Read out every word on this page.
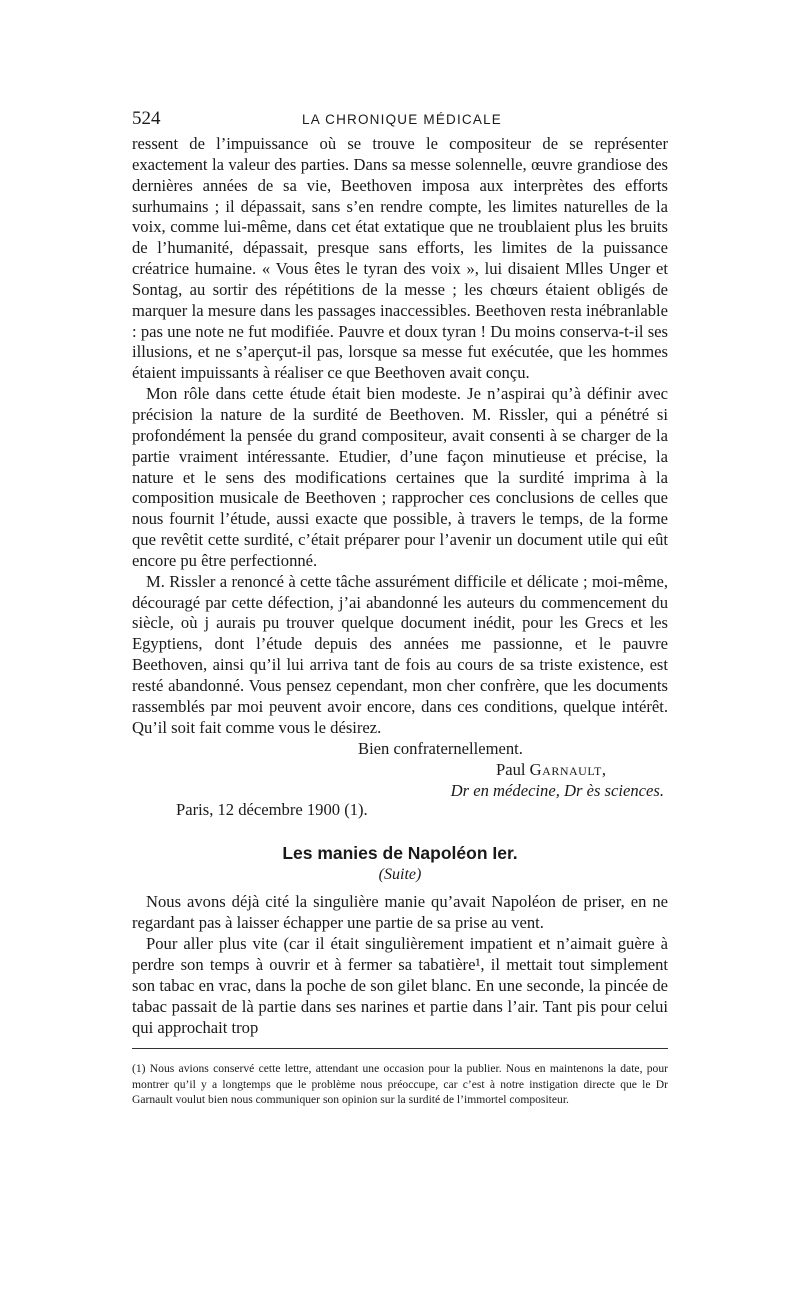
524	LA CHRONIQUE MÉDICALE

ressent de l’impuissance où se trouve le compositeur de se représenter exactement la valeur des parties. Dans sa messe solennelle, œuvre grandiose des dernières années de sa vie, Beethoven imposa aux interprètes des efforts surhumains ; il dépassait, sans s’en rendre compte, les limites naturelles de la voix, comme lui-même, dans cet état extatique que ne troublaient plus les bruits de l’humanité, dépassait, presque sans efforts, les limites de la puissance créatrice humaine. « Vous êtes le tyran des voix », lui disaient Mlles Unger et Sontag, au sortir des répétitions de la messe ; les chœurs étaient obligés de marquer la mesure dans les passages inaccessibles. Beethoven resta inébranlable : pas une note ne fut modifiée. Pauvre et doux tyran ! Du moins conserva-t-il ses illusions, et ne s’aperçut-il pas, lorsque sa messe fut exécutée, que les hommes étaient impuissants à réaliser ce que Beethoven avait conçu.

Mon rôle dans cette étude était bien modeste. Je n’aspirai qu’à définir avec précision la nature de la surdité de Beethoven. M. Rissler, qui a pénétré si profondément la pensée du grand compositeur, avait consenti à se charger de la partie vraiment intéressante. Etudier, d’une façon minutieuse et précise, la nature et le sens des modifications certaines que la surdité imprima à la composition musicale de Beethoven ; rapprocher ces conclusions de celles que nous fournit l’étude, aussi exacte que possible, à travers le temps, de la forme que revêtit cette surdité, c’était préparer pour l’avenir un document utile qui eût encore pu être perfectionné.

M. Rissler a renoncé à cette tâche assurément difficile et délicate ; moi-même, découragé par cette défection, j’ai abandonné les auteurs du commencement du siècle, où j aurais pu trouver quelque document inédit, pour les Grecs et les Egyptiens, dont l’étude depuis des années me passionne, et le pauvre Beethoven, ainsi qu’il lui arriva tant de fois au cours de sa triste existence, est resté abandonné. Vous pensez cependant, mon cher confrère, que les documents rassemblés par moi peuvent avoir encore, dans ces conditions, quelque intérêt. Qu’il soit fait comme vous le désirez.

Bien confraternellement.
Paul Garnault,
Dr en médecine, Dr ès sciences.
Paris, 12 décembre 1900 (1).
Les manies de Napoléon Ier.
(Suite)

Nous avons déjà cité la singulière manie qu’avait Napoléon de priser, en ne regardant pas à laisser échapper une partie de sa prise au vent.

Pour aller plus vite (car il était singulièrement impatient et n’aimait guère à perdre son temps à ouvrir et à fermer sa tabatière¹, il mettait tout simplement son tabac en vrac, dans la poche de son gilet blanc. En une seconde, la pincée de tabac passait de là partie dans ses narines et partie dans l’air. Tant pis pour celui qui approchait trop

(1) Nous avions conservé cette lettre, attendant une occasion pour la publier. Nous en maintenons la date, pour montrer qu’il y a longtemps que le problème nous préoccupe, car c’est à notre instigation directe que le Dr Garnault voulut bien nous communiquer son opinion sur la surdité de l’immortel compositeur.
